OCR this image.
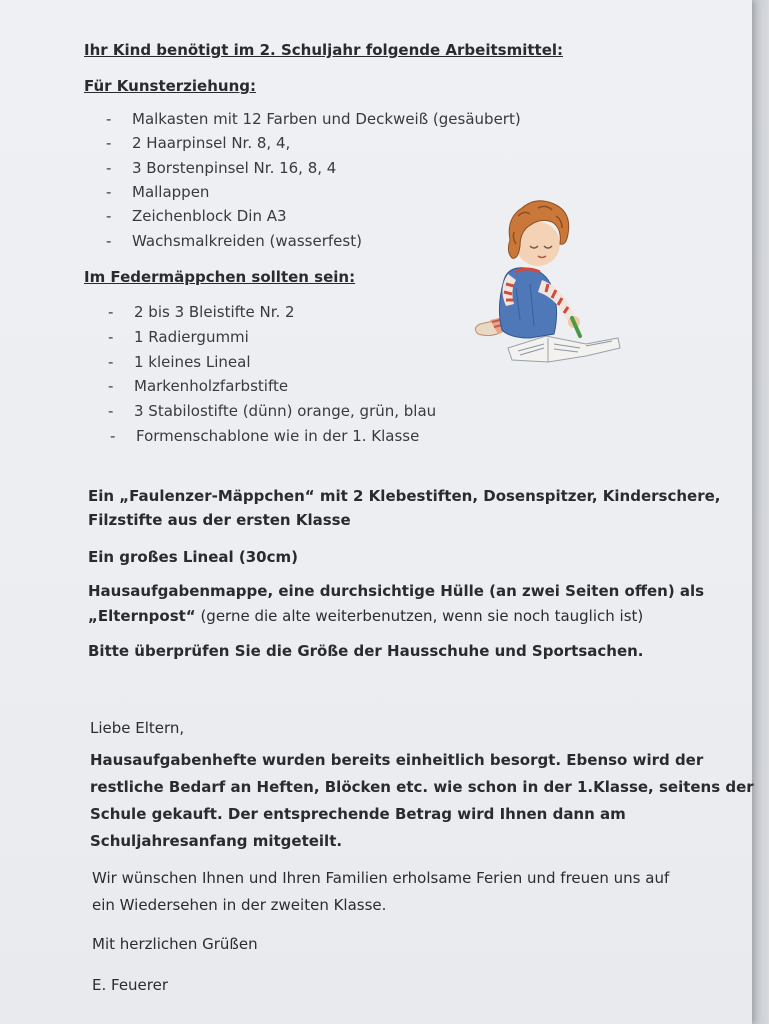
Ihr Kind benötigt im 2. Schuljahr folgende Arbeitsmittel:
Für Kunsterziehung:
- Malkasten mit 12 Farben und Deckweiß (gesäubert)
- 2 Haarpinsel Nr. 8, 4,
- 3 Borstenpinsel Nr. 16, 8, 4
- Mallappen
- Zeichenblock Din A3
- Wachsmalkreiden (wasserfest)
Im Federmäppchen sollten sein:
- 2 bis 3 Bleistifte Nr. 2
- 1 Radiergummi
- 1 kleines Lineal
- Markenholzfarbstifte
- 3 Stabilostifte (dünn) orange, grün, blau
- Formenschablone wie in der 1. Klasse
Ein „Faulenzer-Mäppchen“ mit 2 Klebestiften, Dosenspitzer, Kinderschere,
Filzstifte aus der ersten Klasse
Ein großes Lineal (30cm)
Hausaufgabenmappe, eine durchsichtige Hülle (an zwei Seiten offen) als
„Elternpost“ (gerne die alte weiterbenutzen, wenn sie noch tauglich ist)
Bitte überprüfen Sie die Größe der Hausschuhe und Sportsachen.
Liebe Eltern,
Hausaufgabenhefte wurden bereits einheitlich besorgt. Ebenso wird der
restliche Bedarf an Heften, Blöcken etc. wie schon in der 1.Klasse, seitens der
Schule gekauft. Der entsprechende Betrag wird Ihnen dann am
Schuljahresanfang mitgeteilt.
Wir wünschen Ihnen und Ihren Familien erholsame Ferien und freuen uns auf
ein Wiedersehen in der zweiten Klasse.
Mit herzlichen Grüßen
E. Feuerer
